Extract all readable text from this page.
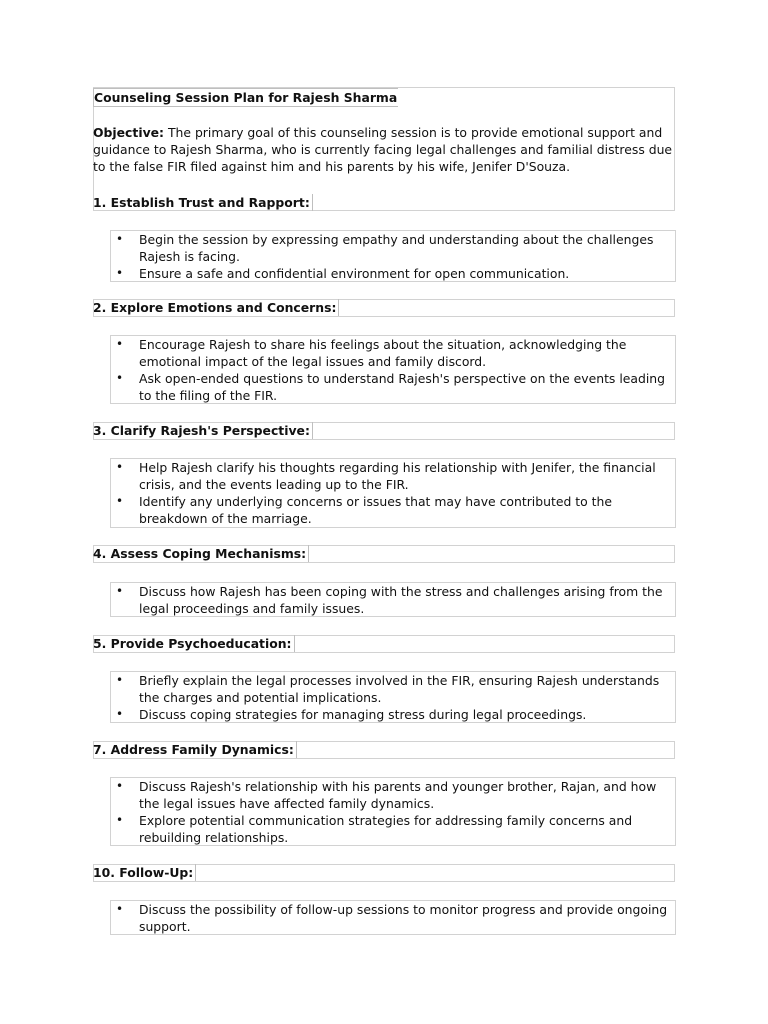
Counseling Session Plan for Rajesh Sharma
Objective: The primary goal of this counseling session is to provide emotional support and guidance to Rajesh Sharma, who is currently facing legal challenges and familial distress due to the false FIR filed against him and his parents by his wife, Jenifer D'Souza.
1. Establish Trust and Rapport:
• Begin the session by expressing empathy and understanding about the challenges Rajesh is facing.
• Ensure a safe and confidential environment for open communication.
2. Explore Emotions and Concerns:
• Encourage Rajesh to share his feelings about the situation, acknowledging the emotional impact of the legal issues and family discord.
• Ask open-ended questions to understand Rajesh's perspective on the events leading to the filing of the FIR.
3. Clarify Rajesh's Perspective:
• Help Rajesh clarify his thoughts regarding his relationship with Jenifer, the financial crisis, and the events leading up to the FIR.
• Identify any underlying concerns or issues that may have contributed to the breakdown of the marriage.
4. Assess Coping Mechanisms:
• Discuss how Rajesh has been coping with the stress and challenges arising from the legal proceedings and family issues.
5. Provide Psychoeducation:
• Briefly explain the legal processes involved in the FIR, ensuring Rajesh understands the charges and potential implications.
• Discuss coping strategies for managing stress during legal proceedings.
7. Address Family Dynamics:
• Discuss Rajesh's relationship with his parents and younger brother, Rajan, and how the legal issues have affected family dynamics.
• Explore potential communication strategies for addressing family concerns and rebuilding relationships.
10. Follow-Up:
• Discuss the possibility of follow-up sessions to monitor progress and provide ongoing support.
